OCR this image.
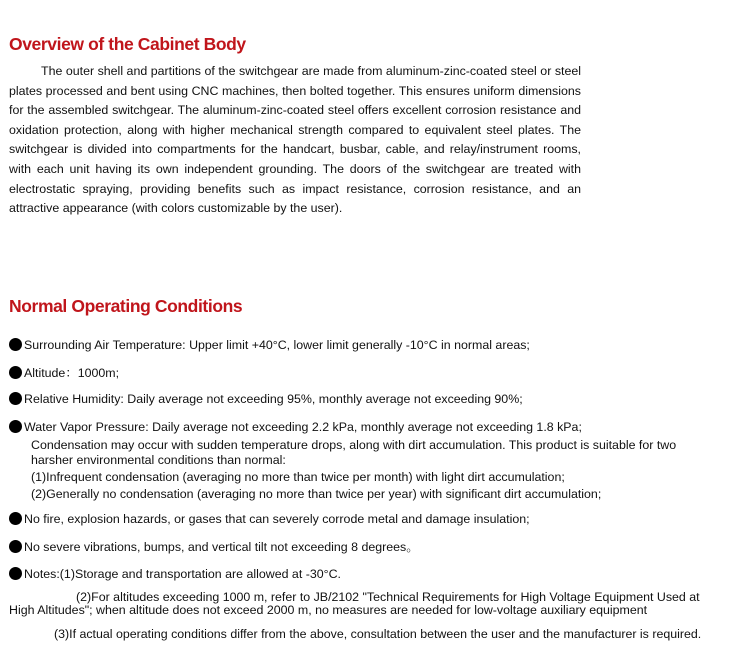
Overview of the Cabinet Body

The outer shell and partitions of the switchgear are made from aluminum-zinc-coated steel or steel plates processed and bent using CNC machines, then bolted together. This ensures uniform dimensions for the assembled switchgear. The aluminum-zinc-coated steel offers excellent corrosion resistance and oxidation protection, along with higher mechanical strength compared to equivalent steel plates. The switchgear is divided into compartments for the handcart, busbar, cable, and relay/instrument rooms, with each unit having its own independent grounding. The doors of the switchgear are treated with electrostatic spraying, providing benefits such as impact resistance, corrosion resistance, and an attractive appearance (with colors customizable by the user).

Normal Operating Conditions
Surrounding Air Temperature: Upper limit +40°C, lower limit generally -10°C in normal areas;
Altitude：1000m;
Relative Humidity: Daily average not exceeding 95%, monthly average not exceeding 90%;
Water Vapor Pressure: Daily average not exceeding 2.2 kPa, monthly average not exceeding 1.8 kPa;
Condensation may occur with sudden temperature drops, along with dirt accumulation. This product is suitable for two
harsher environmental conditions than normal:
(1)Infrequent condensation (averaging no more than twice per month) with light dirt accumulation;
(2)Generally no condensation (averaging no more than twice per year) with significant dirt accumulation;
No fire, explosion hazards, or gases that can severely corrode metal and damage insulation;
No severe vibrations, bumps, and vertical tilt not exceeding 8 degrees。
Notes:(1)Storage and transportation are allowed at -30°C.
(2)For altitudes exceeding 1000 m, refer to JB/2102 "Technical Requirements for High Voltage Equipment Used at
High Altitudes"; when altitude does not exceed 2000 m, no measures are needed for low-voltage auxiliary equipment
(3)If actual operating conditions differ from the above, consultation between the user and the manufacturer is required.
